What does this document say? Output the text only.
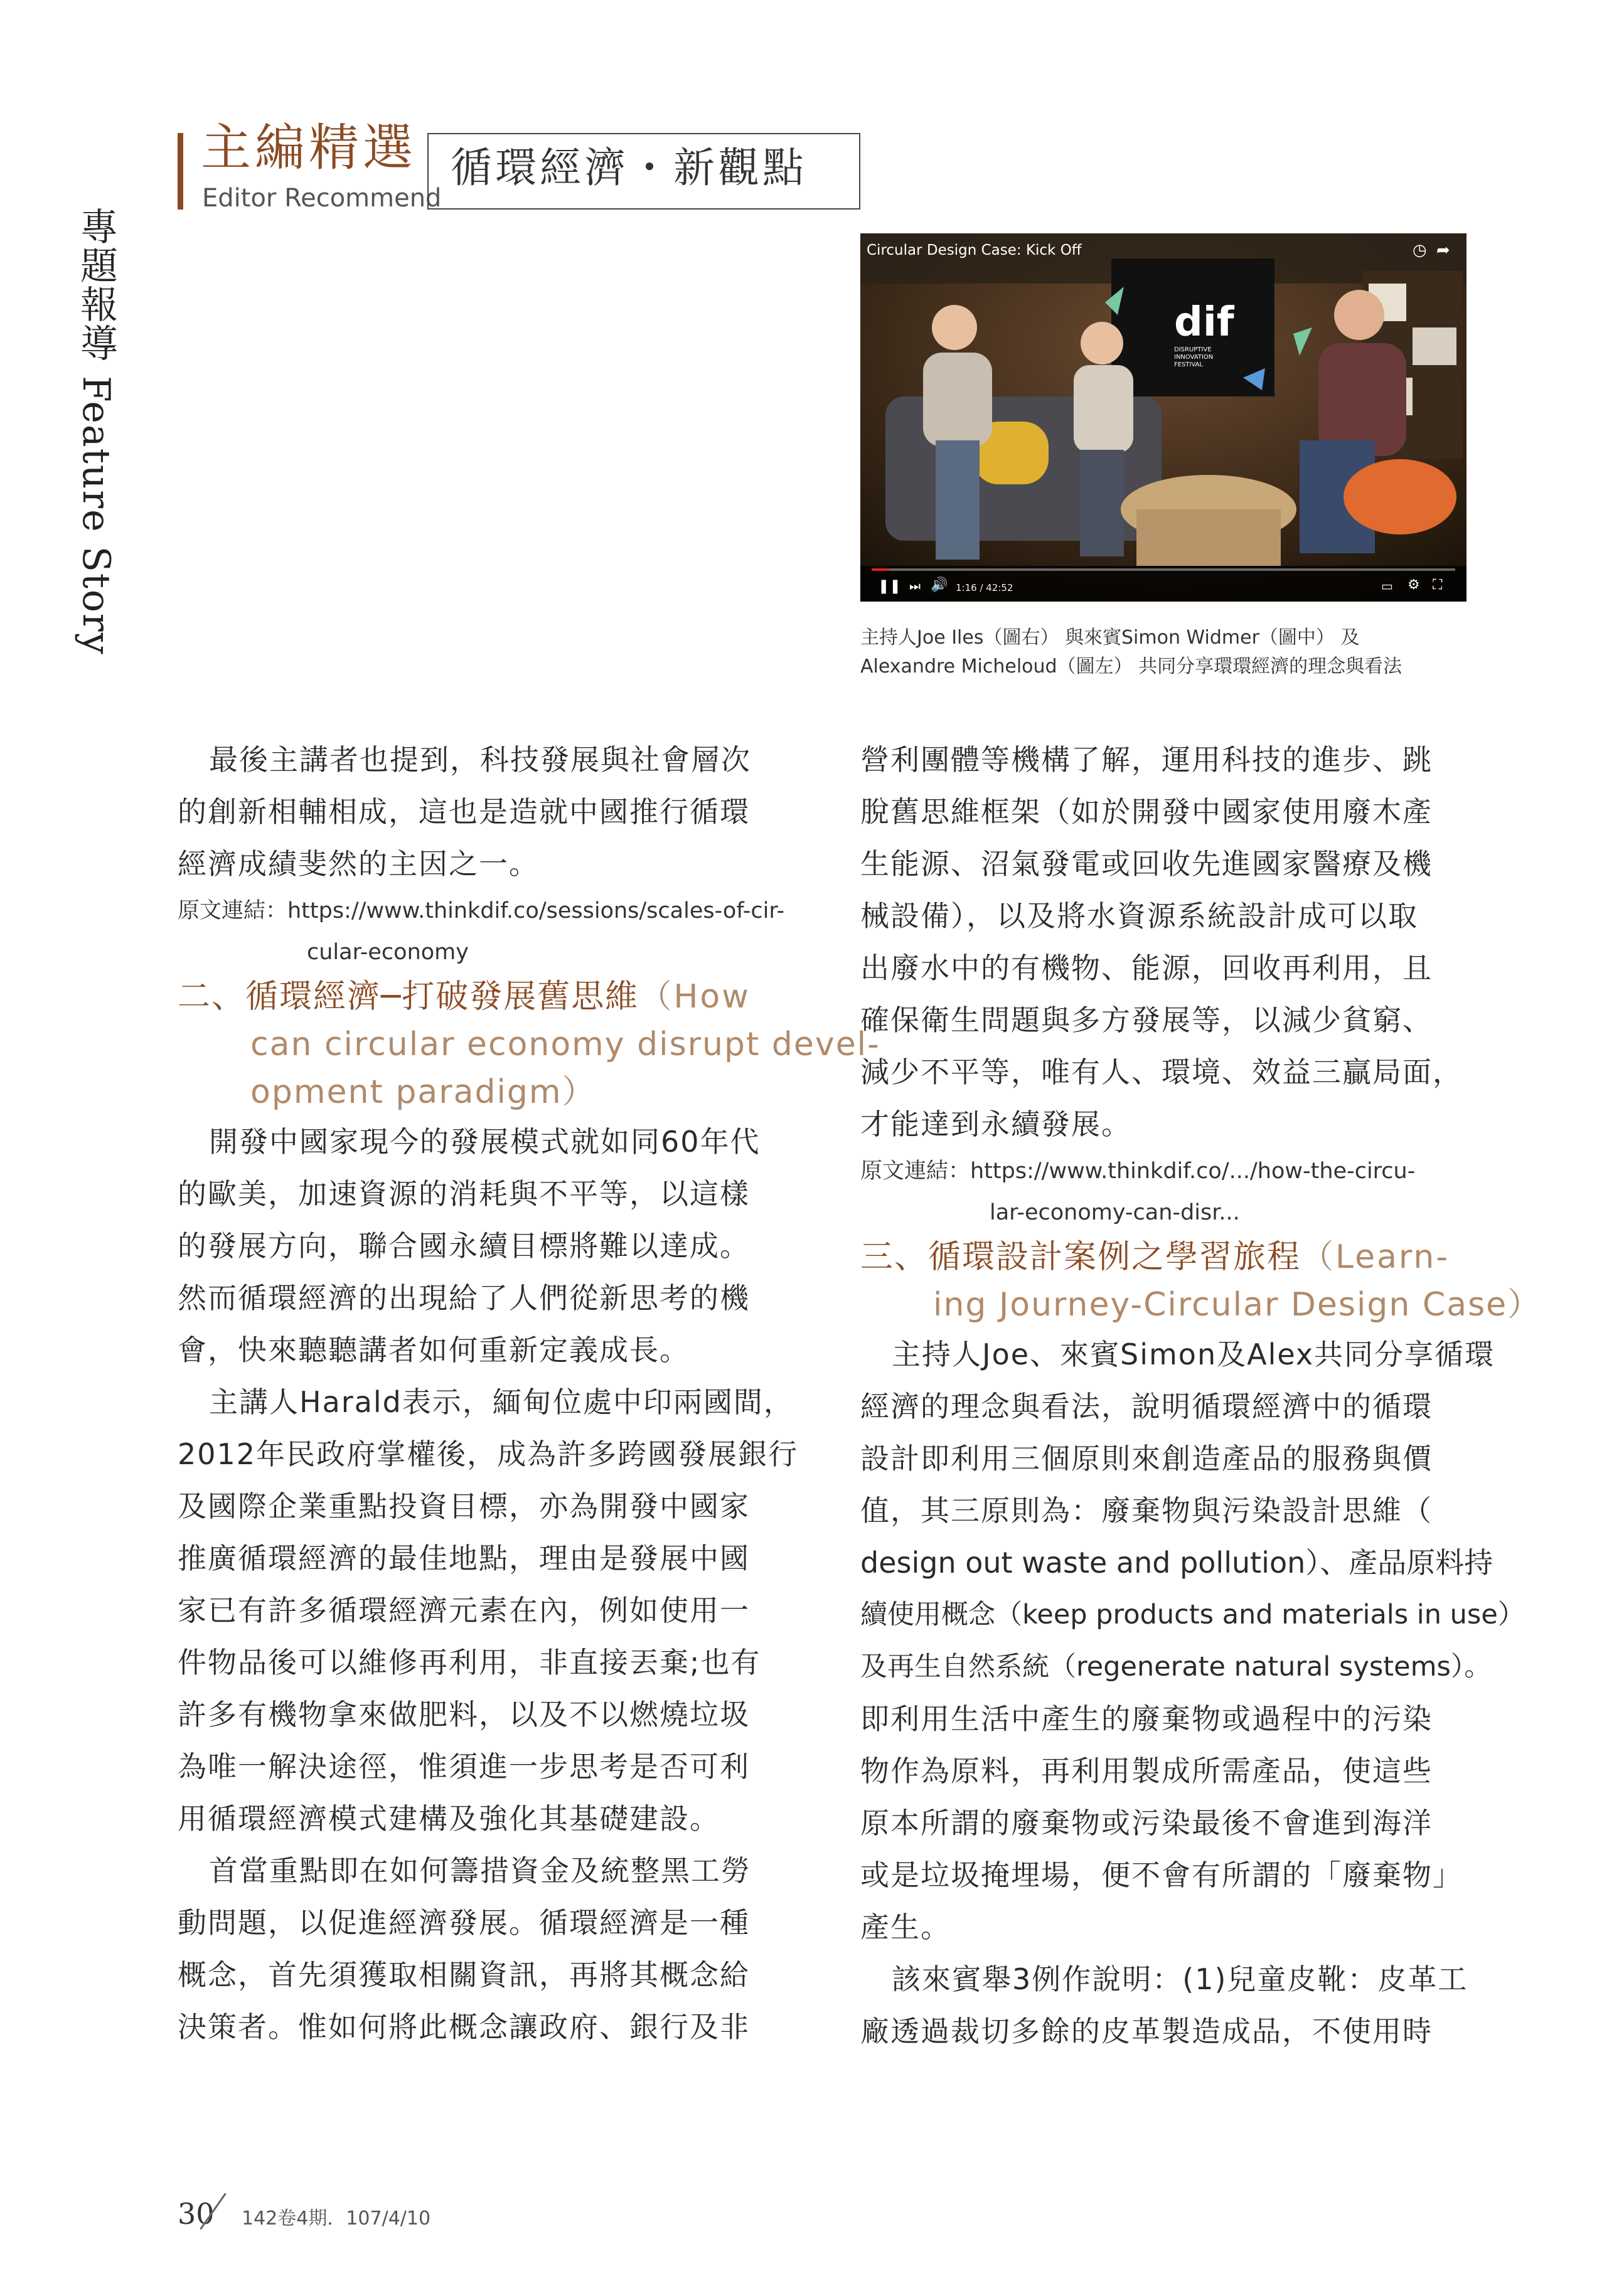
主編精選
Editor Recommend
循環經濟・新觀點
專題報導 Feature Story	Circular Design Case: Kick Off	◷ ➦
dif
DISRUPTIVE
INNOVATION
FESTIVAL
❚❚ ⏭ 🔊 1:16 / 42:52	▭ ⚙ ⛶
主持人Joe Iles（圖右） 與來賓Simon Widmer（圖中） 及
Alexandre Micheloud（圖左） 共同分享環環經濟的理念與看法
最後主講者也提到，科技發展與社會層次
的創新相輔相成，這也是造就中國推行循環
經濟成績斐然的主因之一。
原文連結：https://www.thinkdif.co/sessions/scales-of-cir-
cular-economy
二、循環經濟─打破發展舊思維（How
can circular economy disrupt devel-
opment paradigm）
開發中國家現今的發展模式就如同60年代
的歐美，加速資源的消耗與不平等，以這樣
的發展方向，聯合國永續目標將難以達成。
然而循環經濟的出現給了人們從新思考的機
會，快來聽聽講者如何重新定義成長。
主講人Harald表示，緬甸位處中印兩國間，
2012年民政府掌權後，成為許多跨國發展銀行
及國際企業重點投資目標，亦為開發中國家
推廣循環經濟的最佳地點，理由是發展中國
家已有許多循環經濟元素在內，例如使用一
件物品後可以維修再利用，非直接丟棄;也有
許多有機物拿來做肥料，以及不以燃燒垃圾
為唯一解決途徑，惟須進一步思考是否可利
用循環經濟模式建構及強化其基礎建設。
首當重點即在如何籌措資金及統整黑工勞
動問題，以促進經濟發展。循環經濟是一種
概念，首先須獲取相關資訊，再將其概念給
決策者。惟如何將此概念讓政府、銀行及非
營利團體等機構了解，運用科技的進步、跳
脫舊思維框架（如於開發中國家使用廢木產
生能源、沼氣發電或回收先進國家醫療及機
械設備），以及將水資源系統設計成可以取
出廢水中的有機物、能源，回收再利用，且
確保衛生問題與多方發展等，以減少貧窮、
減少不平等，唯有人、環境、效益三贏局面，
才能達到永續發展。
原文連結：https://www.thinkdif.co/.../how-the-circu-
lar-economy-can-disr...
三、循環設計案例之學習旅程（Learn-
ing Journey-Circular Design Case）
主持人Joe、來賓Simon及Alex共同分享循環
經濟的理念與看法，說明循環經濟中的循環
設計即利用三個原則來創造產品的服務與價
值，其三原則為：廢棄物與污染設計思維（
design out waste and pollution）、產品原料持
續使用概念（keep products and materials in use）
及再生自然系統（regenerate natural systems）。
即利用生活中產生的廢棄物或過程中的污染
物作為原料，再利用製成所需產品，使這些
原本所謂的廢棄物或污染最後不會進到海洋
或是垃圾掩埋場，便不會有所謂的「廢棄物」
產生。
該來賓舉3例作說明：(1)兒童皮靴：皮革工
廠透過裁切多餘的皮革製造成品，不使用時
30 142卷4期．107/4/10
